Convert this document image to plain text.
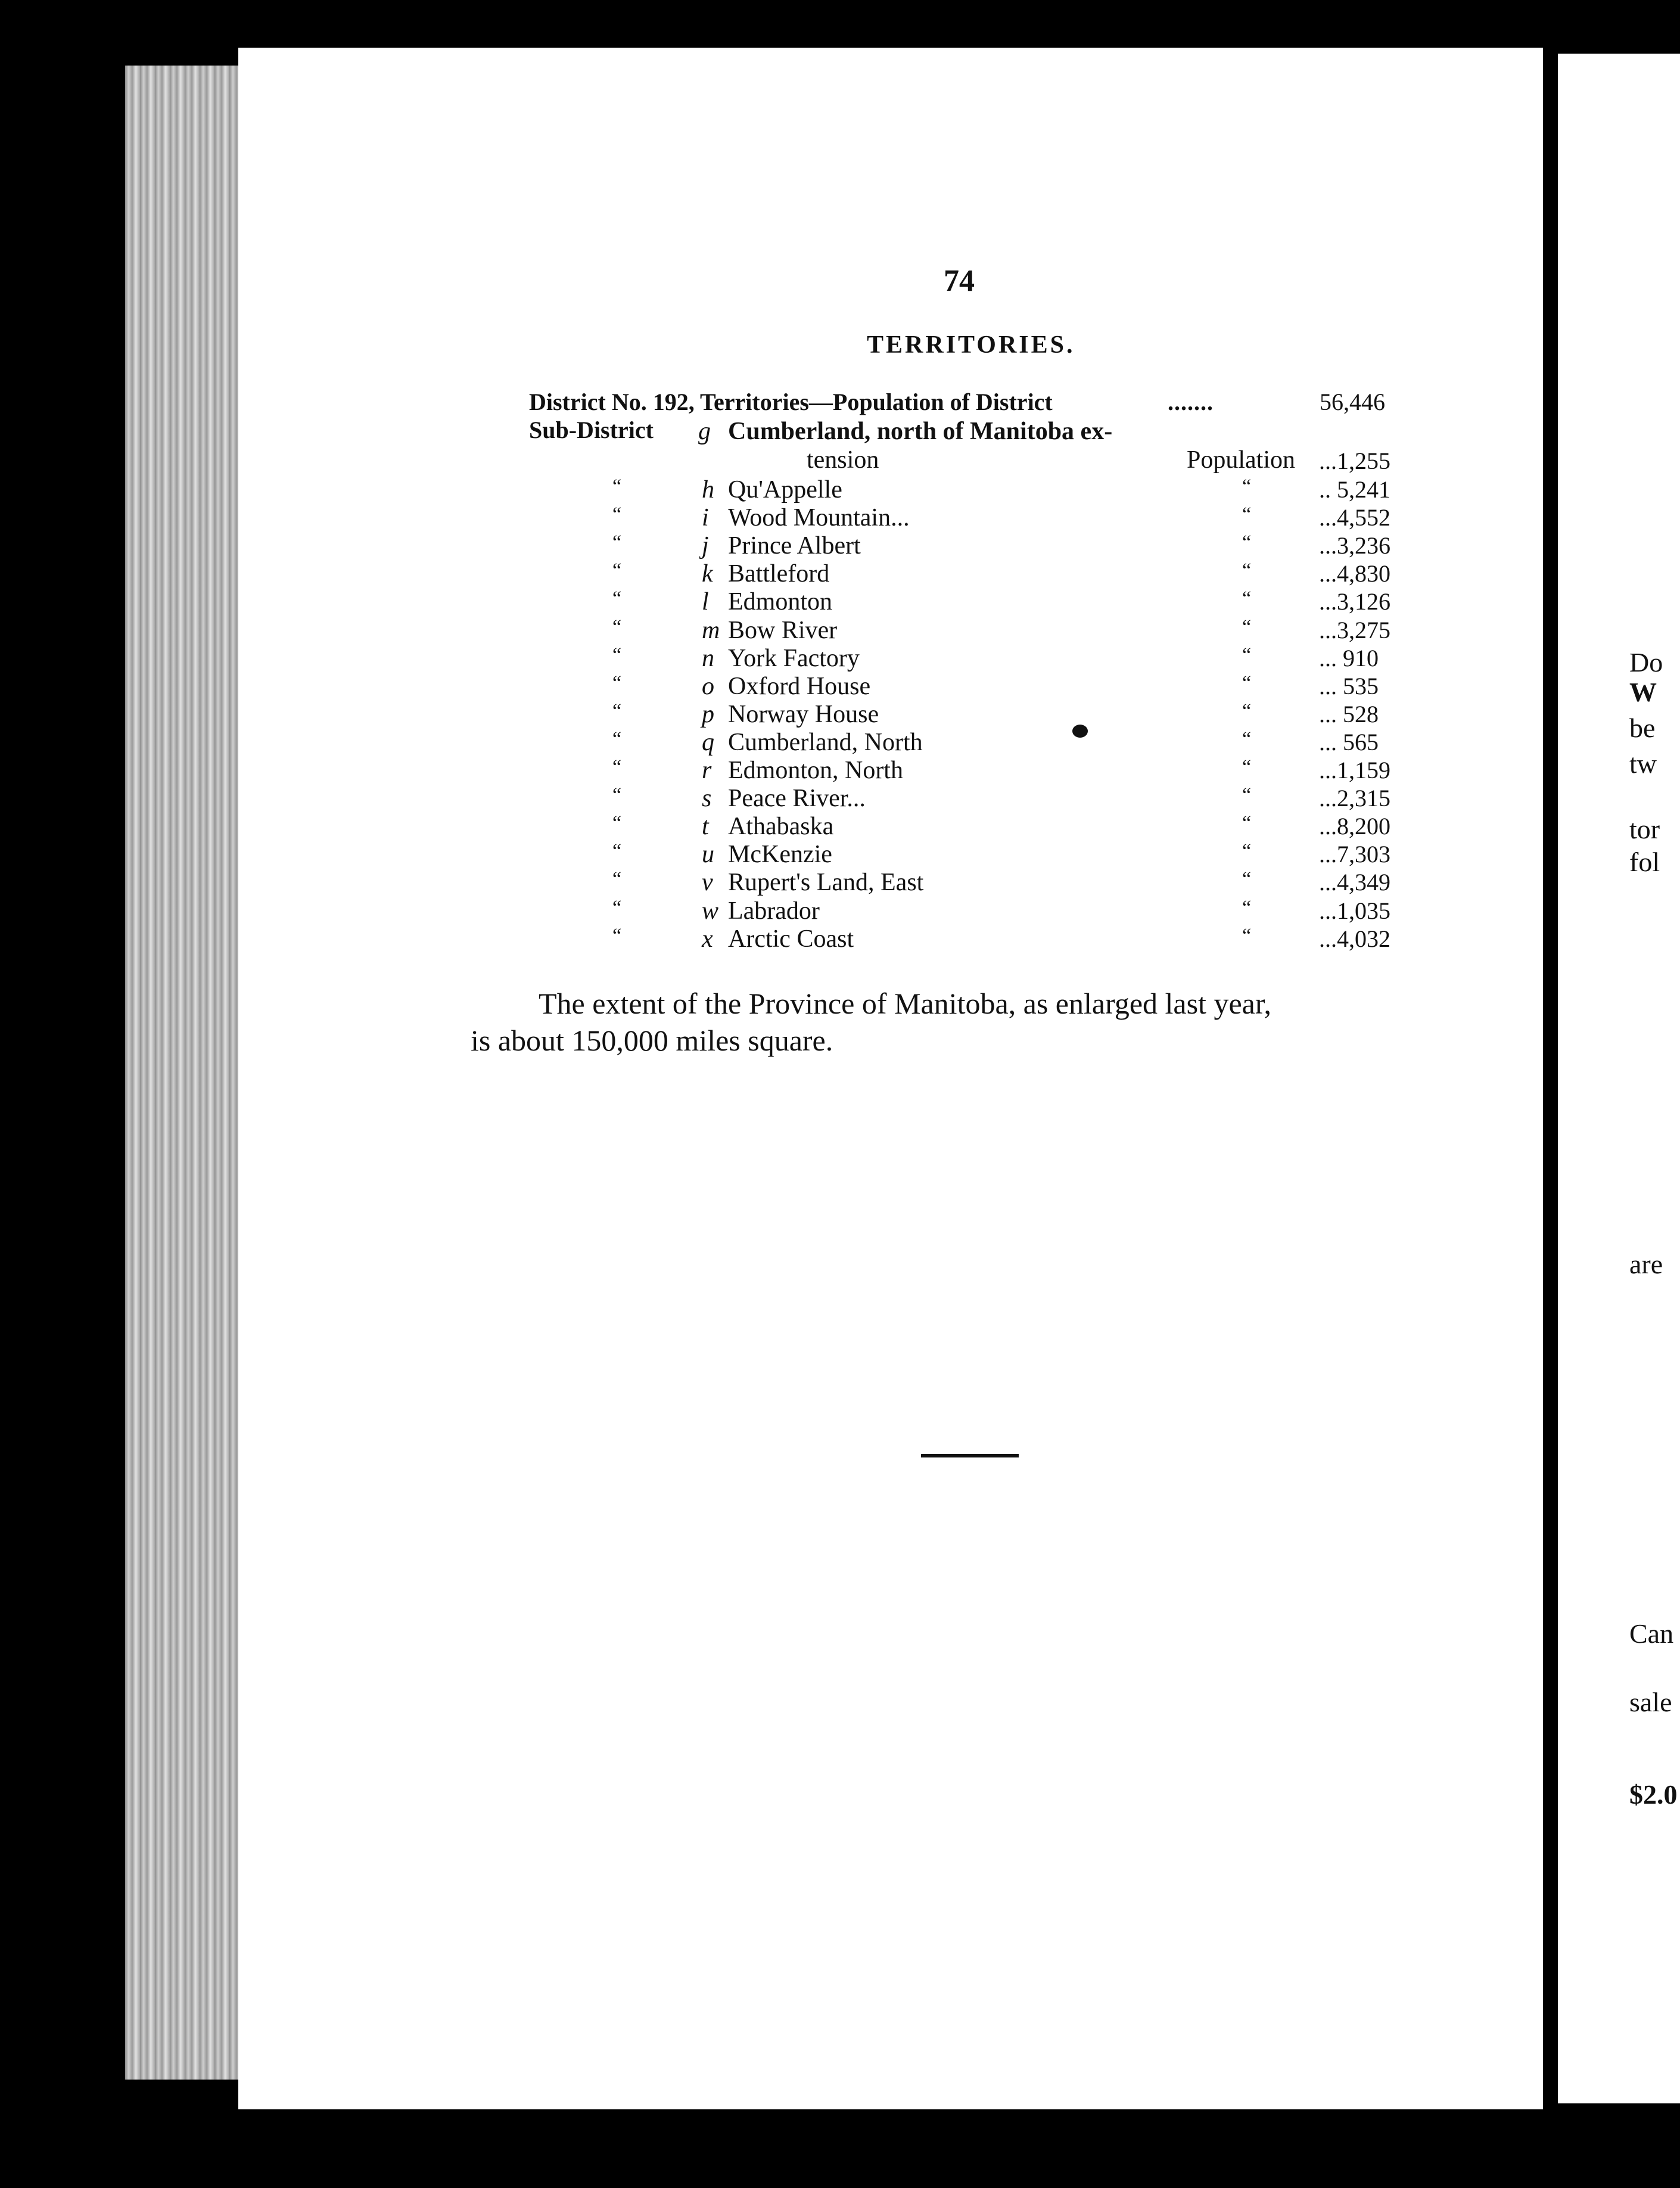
Do
W
be
tw
tor
fol
are
Can
sale
$2.0
74
TERRITORIES.
District No. 192, Territories—Population of District	.......	56,446
Sub-District g Cumberland, north of Manitoba ex-
tension	Population ...1,255
“	h Qu'Appelle	“	.. 5,241
“	i Wood Mountain...	“	...4,552
“	j Prince Albert	“	...3,236
“	k Battleford	“	...4,830
“	l Edmonton	“	...3,126
“	m Bow River	“	...3,275
“	n York Factory	“	... 910
“	o Oxford House	“	... 535
“	p Norway House	“	... 528
“	q Cumberland, North	“	... 565
“	r Edmonton, North	“	...1,159
“	s Peace River...	“	...2,315
“	t Athabaska	“	...8,200
“	u McKenzie	“	...7,303
“	v Rupert's Land, East	“	...4,349
“	w Labrador	“	...1,035
“	x Arctic Coast	“	...4,032
The extent of the Province of Manitoba, as enlarged last year,
is about 150,000 miles square.
